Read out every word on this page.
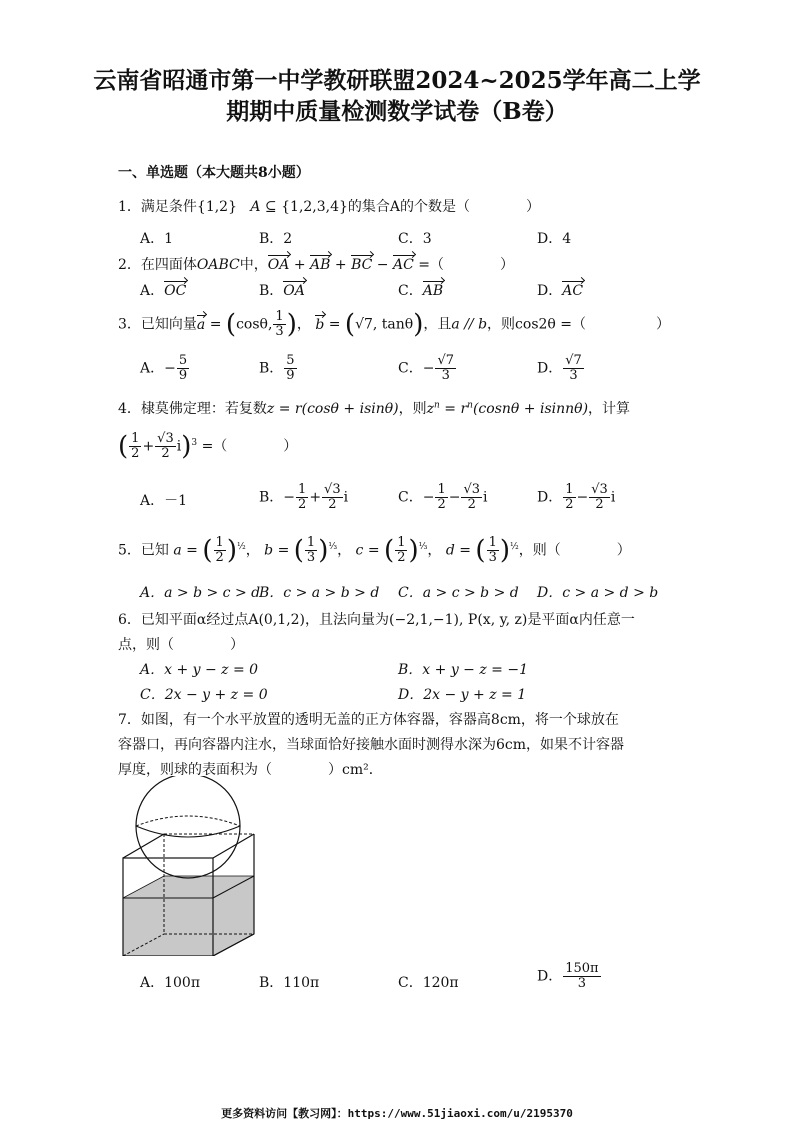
云南省昭通市第一中学教研联盟2024~2025学年高二上学
期期中质量检测数学试卷（B卷）
一、单选题（本大题共8小题）
1．满足条件{1,2} A ⊆ {1,2,3,4}的集合A的个数是（　　　　）
A．1	B．2	C．3	D．4
2．在四面体OABC中，OA + AB + BC − AC =（　　　　）
A．OC	B．OA	C．AB	D．AC
3．已知向量a = (cosθ, $\frac{1}{3}$ )， b = (√7, tanθ)，且a // b，则cos2θ =（　　　　　）
A．− $\frac{5}{9}$	B． $\frac{5}{9}$	C．− $\frac{√7}{3}$	D． $\frac{√7}{3}$
4．棣莫佛定理：若复数z = r(cosθ + isinθ)，则$z^n = r^n(\cos n\theta + isinn\theta)$，计算
( $\frac{1}{2} + \frac{√3}{2} i)^3$ =（　　　　）
A．－1	B．− $\frac{1}{2} + \frac{√3}{2}$ i	C．− $\frac{1}{2} - \frac{√3}{2}$ i	D． $\frac{1}{2} - \frac{√3}{2}$ i
5．已知 a = ( $\frac{1}{2} )^{\frac{1}{2}}$， b = ( $\frac{1}{3} )^{\frac{1}{3}}$， c = ( $\frac{1}{2} )^{\frac{1}{3}}$， d = ( $\frac{1}{3} )^{\frac{1}{2}}$，则（　　　　）
A．a > b > c > d
B．c > a > b > d C．a > c > b > d D．c > a > d > b
6．已知平面α经过点A(0,1,2)，且法向量为(−2,1,−1), P(x, y, z)是平面α内任意一
点，则（　　　　）
A．x + y − z = 0	B．x + y − z = −1
C．2x − y + z = 0	D．2x − y + z = 1
7．如图，有一个水平放置的透明无盖的正方体容器，容器高8cm，将一个球放在
容器口，再向容器内注水，当球面恰好接触水面时测得水深为6cm，如果不计容器
厚度，则球的表面积为（　　　　）cm²．
A．100π	B．110π	C．120π	D． $\frac{150\pi}{3}$
更多资料访问【教习网】：https://www.51jiaoxi.com/u/2195370
